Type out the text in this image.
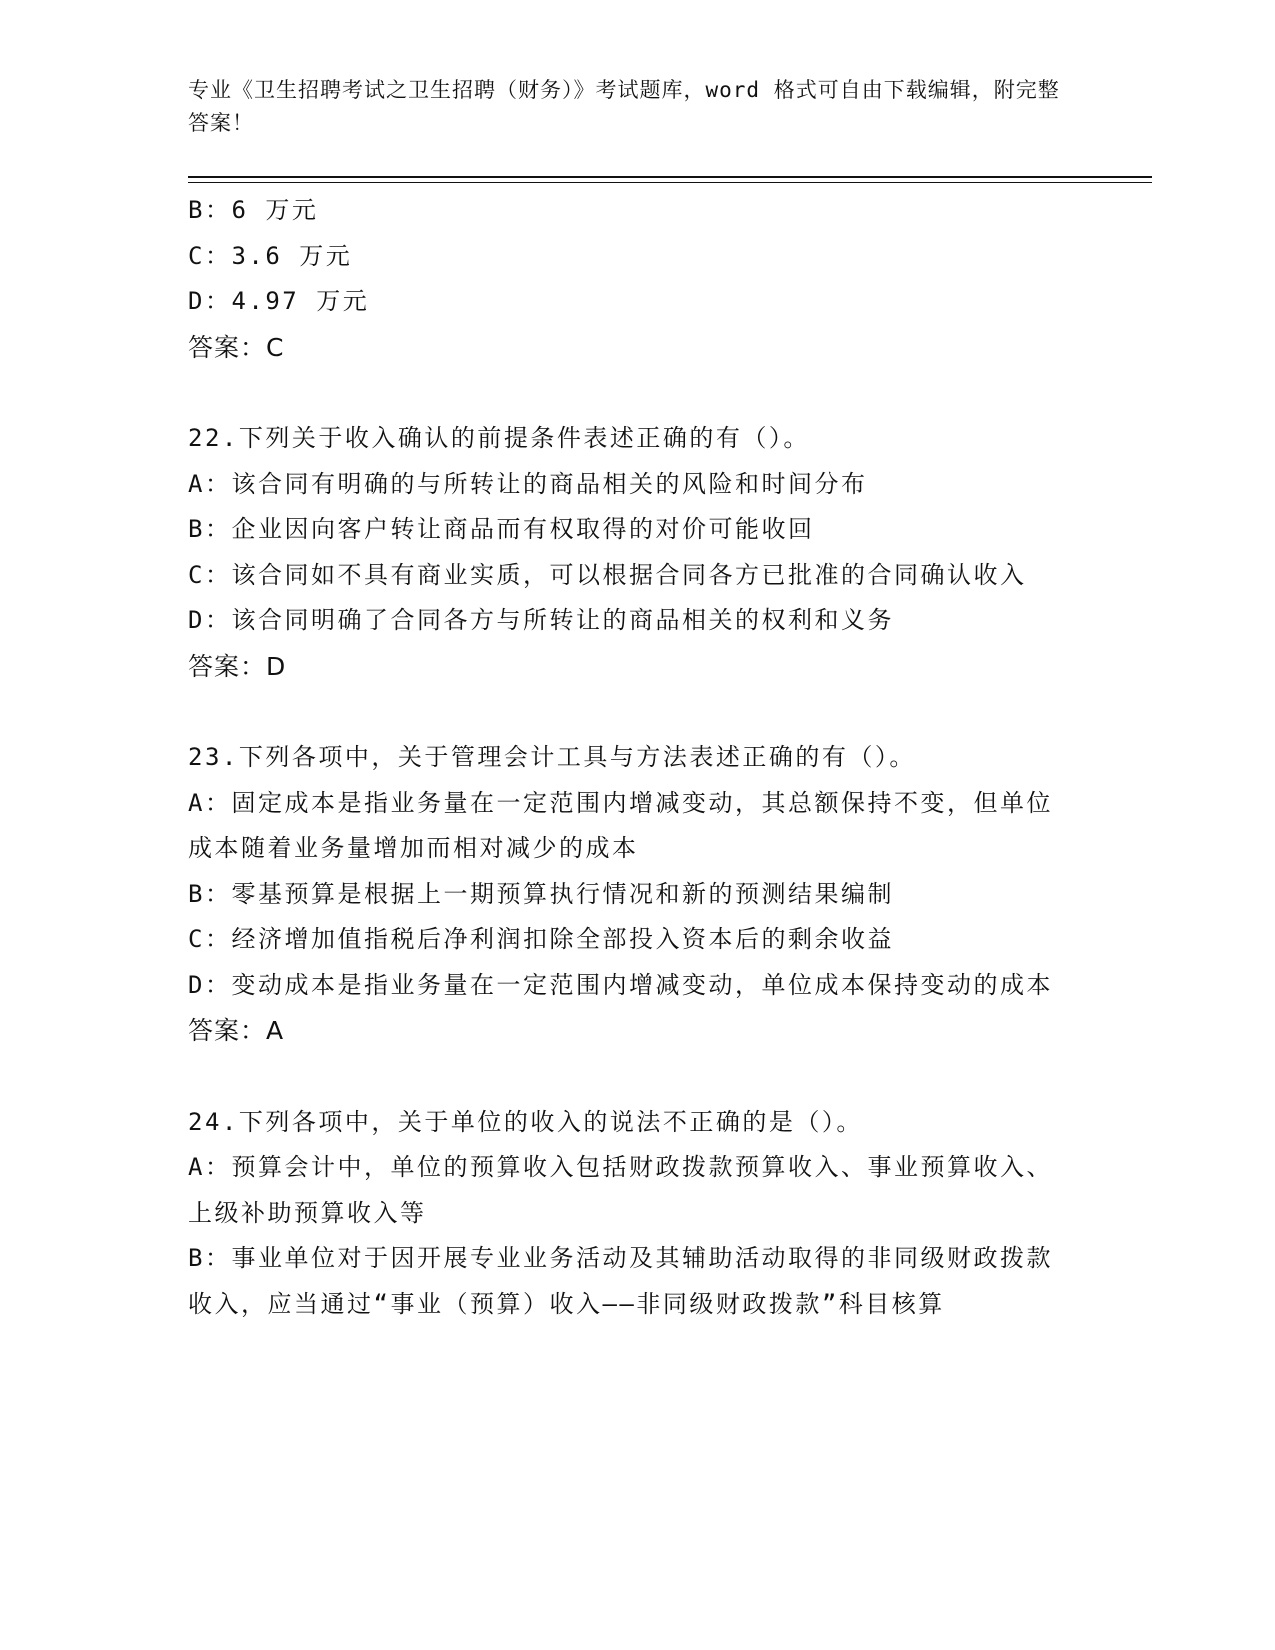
专业《卫生招聘考试之卫生招聘（财务）》考试题库，word 格式可自由下载编辑，附完整答案！
B：6 万元
C：3.6 万元
D：4.97 万元
答案：C
22.下列关于收入确认的前提条件表述正确的有（）。
A：该合同有明确的与所转让的商品相关的风险和时间分布
B：企业因向客户转让商品而有权取得的对价可能收回
C：该合同如不具有商业实质，可以根据合同各方已批准的合同确认收入
D：该合同明确了合同各方与所转让的商品相关的权利和义务
答案：D
23.下列各项中，关于管理会计工具与方法表述正确的有（）。
A：固定成本是指业务量在一定范围内增减变动，其总额保持不变，但单位成本随着业务量增加而相对减少的成本
B：零基预算是根据上一期预算执行情况和新的预测结果编制
C：经济增加值指税后净利润扣除全部投入资本后的剩余收益
D：变动成本是指业务量在一定范围内增减变动，单位成本保持变动的成本
答案：A
24.下列各项中，关于单位的收入的说法不正确的是（）。
A：预算会计中，单位的预算收入包括财政拨款预算收入、事业预算收入、上级补助预算收入等
B：事业单位对于因开展专业业务活动及其辅助活动取得的非同级财政拨款收入，应当通过“事业（预算）收入——非同级财政拨款”科目核算
